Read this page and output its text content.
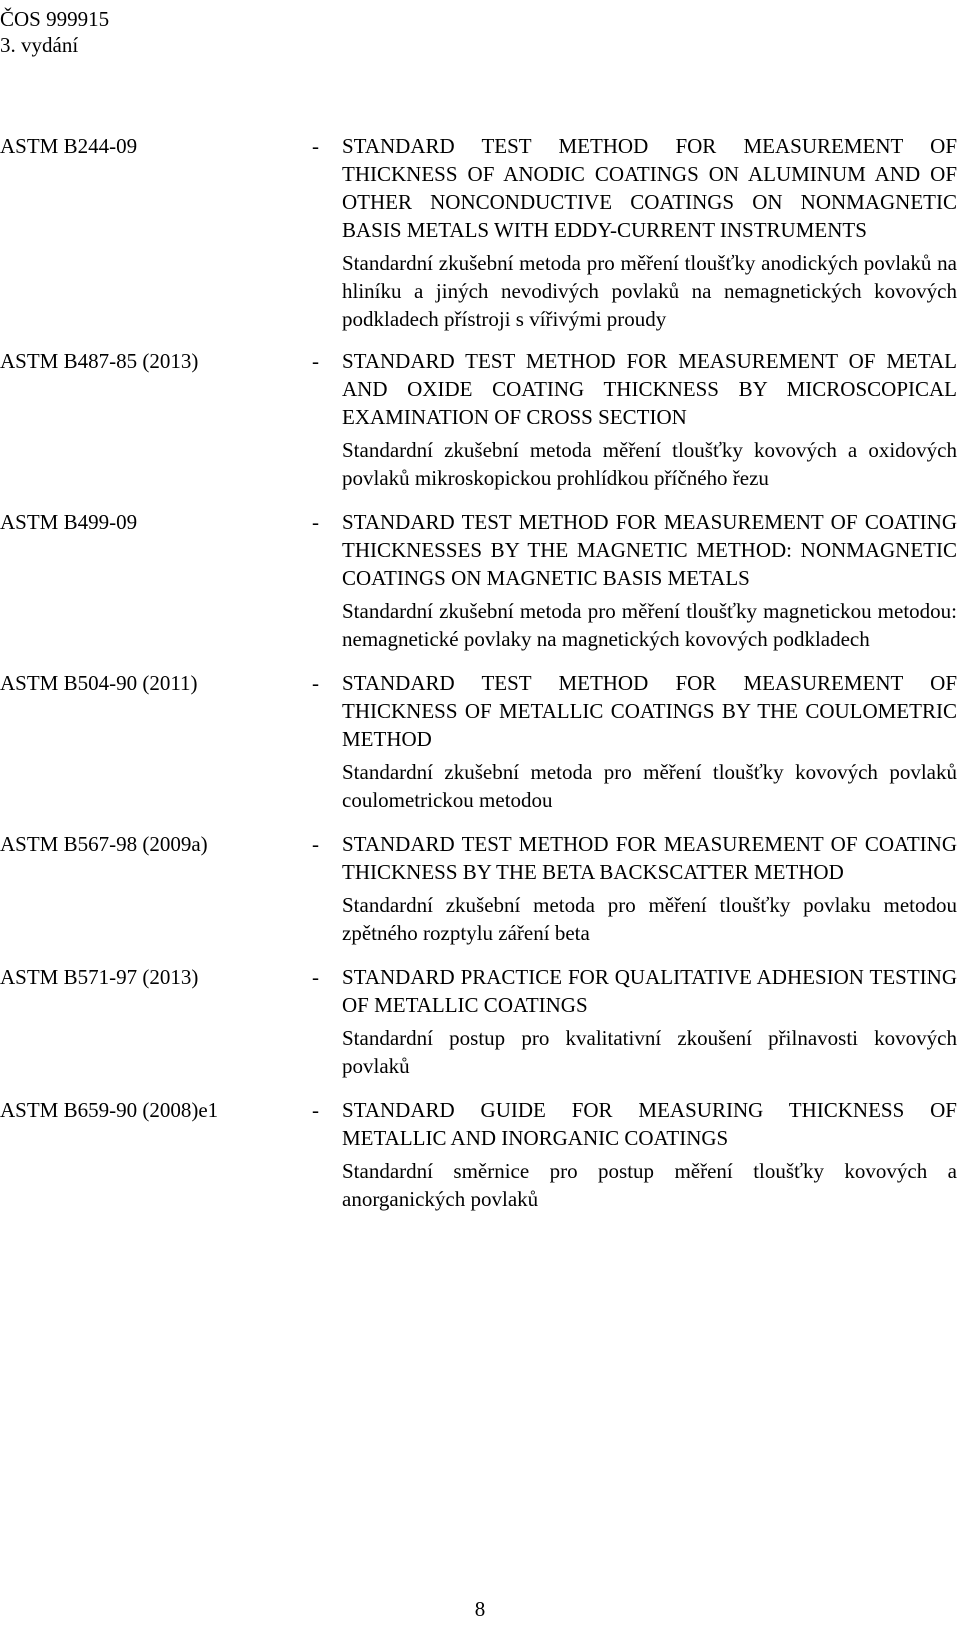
ČOS 999915
3. vydání
ASTM B244-09	- STANDARD TEST METHOD FOR MEASUREMENT OF THICKNESS OF ANODIC COATINGS ON ALUMINUM AND OF OTHER NONCONDUCTIVE COATINGS ON NONMAGNETIC BASIS METALS WITH EDDY-CURRENT INSTRUMENTS

Standardní zkušební metoda pro měření tloušťky anodických povlaků na hliníku a jiných nevodivých povlaků na nemagnetických kovových podkladech přístroji s vířivými proudy

ASTM B487-85 (2013)	- STANDARD TEST METHOD FOR MEASUREMENT OF METAL AND OXIDE COATING THICKNESS BY MICROSCOPICAL EXAMINATION OF CROSS SECTION

Standardní zkušební metoda měření tloušťky kovových a oxidových povlaků mikroskopickou prohlídkou příčného řezu

ASTM B499-09	- STANDARD TEST METHOD FOR MEASUREMENT OF COATING THICKNESSES BY THE MAGNETIC METHOD: NONMAGNETIC COATINGS ON MAGNETIC BASIS METALS

Standardní zkušební metoda pro měření tloušťky magnetickou metodou: nemagnetické povlaky na magnetických kovových podkladech

ASTM B504-90 (2011)	- STANDARD TEST METHOD FOR MEASUREMENT OF THICKNESS OF METALLIC COATINGS BY THE COULOMETRIC METHOD

Standardní zkušební metoda pro měření tloušťky kovových povlaků coulometrickou metodou

ASTM B567-98 (2009a)	- STANDARD TEST METHOD FOR MEASUREMENT OF COATING THICKNESS BY THE BETA BACKSCATTER METHOD

Standardní zkušební metoda pro měření tloušťky povlaku metodou zpětného rozptylu záření beta

ASTM B571-97 (2013)	- STANDARD PRACTICE FOR QUALITATIVE ADHESION TESTING OF METALLIC COATINGS

Standardní postup pro kvalitativní zkoušení přilnavosti kovových povlaků

ASTM B659-90 (2008)e1	- STANDARD GUIDE FOR MEASURING THICKNESS OF METALLIC AND INORGANIC COATINGS

Standardní směrnice pro postup měření tloušťky kovových a anorganických povlaků

8
